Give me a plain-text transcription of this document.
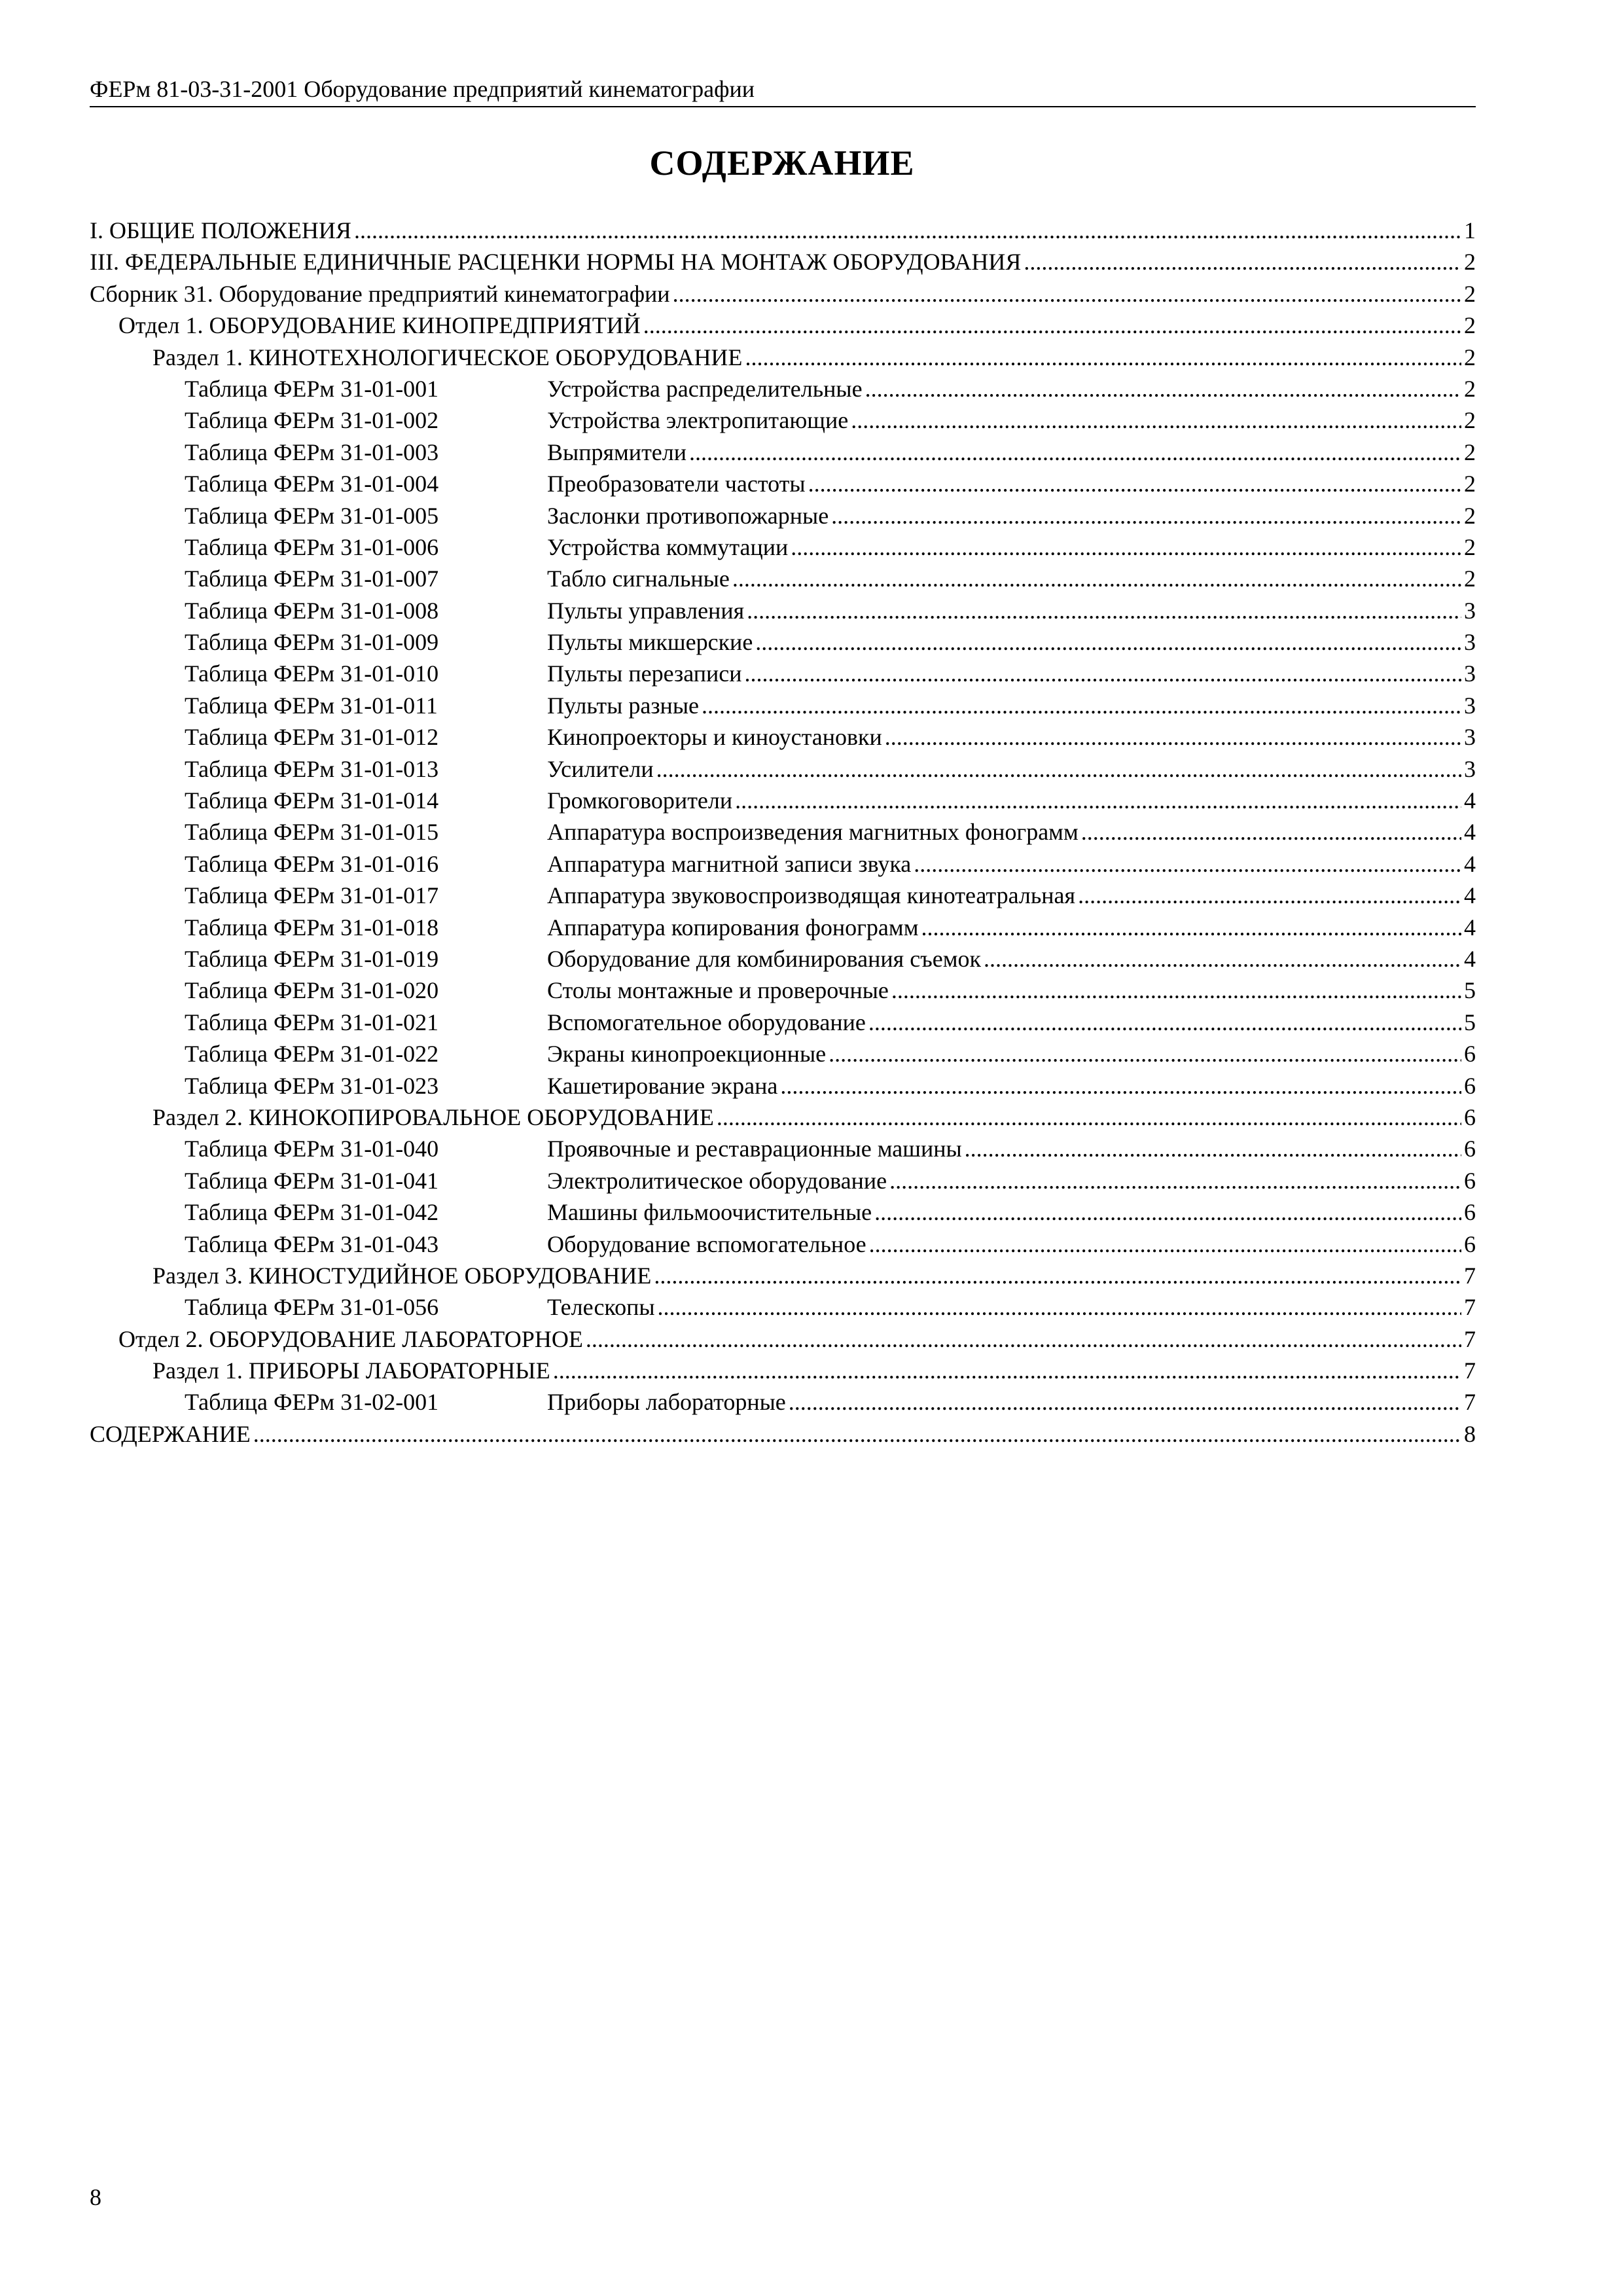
ФЕРм 81-03-31-2001 Оборудование предприятий кинематографии
СОДЕРЖАНИЕ
I. ОБЩИЕ ПОЛОЖЕНИЯ .....	1
III. ФЕДЕРАЛЬНЫЕ ЕДИНИЧНЫЕ РАСЦЕНКИ НОРМЫ НА МОНТАЖ ОБОРУДОВАНИЯ .....	2
Сборник 31. Оборудование предприятий кинематографии .....	2
Отдел 1. ОБОРУДОВАНИЕ КИНОПРЕДПРИЯТИЙ .....	2
Раздел 1. КИНОТЕХНОЛОГИЧЕСКОЕ ОБОРУДОВАНИЕ .....	2
Таблица ФЕРм 31-01-001	Устройства распределительные .....	2
Таблица ФЕРм 31-01-002	Устройства электропитающие .....	2
Таблица ФЕРм 31-01-003	Выпрямители .....	2
Таблица ФЕРм 31-01-004	Преобразователи частоты .....	2
Таблица ФЕРм 31-01-005	Заслонки противопожарные .....	2
Таблица ФЕРм 31-01-006	Устройства коммутации .....	2
Таблица ФЕРм 31-01-007	Табло сигнальные .....	2
Таблица ФЕРм 31-01-008	Пульты управления .....	3
Таблица ФЕРм 31-01-009	Пульты микшерские .....	3
Таблица ФЕРм 31-01-010	Пульты перезаписи .....	3
Таблица ФЕРм 31-01-011	Пульты разные .....	3
Таблица ФЕРм 31-01-012	Кинопроекторы и киноустановки .....	3
Таблица ФЕРм 31-01-013	Усилители .....	3
Таблица ФЕРм 31-01-014	Громкоговорители .....	4
Таблица ФЕРм 31-01-015	Аппаратура воспроизведения магнитных фонограмм .....	4
Таблица ФЕРм 31-01-016	Аппаратура магнитной записи звука .....	4
Таблица ФЕРм 31-01-017	Аппаратура звуковоспроизводящая кинотеатральная .....	4
Таблица ФЕРм 31-01-018	Аппаратура копирования фонограмм .....	4
Таблица ФЕРм 31-01-019	Оборудование для комбинирования съемок .....	4
Таблица ФЕРм 31-01-020	Столы монтажные и проверочные .....	5
Таблица ФЕРм 31-01-021	Вспомогательное оборудование .....	5
Таблица ФЕРм 31-01-022	Экраны кинопроекционные .....	6
Таблица ФЕРм 31-01-023	Кашетирование экрана .....	6
Раздел 2. КИНОКОПИРОВАЛЬНОЕ ОБОРУДОВАНИЕ .....	6
Таблица ФЕРм 31-01-040	Проявочные и реставрационные машины .....	6
Таблица ФЕРм 31-01-041	Электролитическое оборудование .....	6
Таблица ФЕРм 31-01-042	Машины фильмоочистительные .....	6
Таблица ФЕРм 31-01-043	Оборудование вспомогательное .....	6
Раздел 3. КИНОСТУДИЙНОЕ ОБОРУДОВАНИЕ .....	7
Таблица ФЕРм 31-01-056	Телескопы .....	7
Отдел 2. ОБОРУДОВАНИЕ ЛАБОРАТОРНОЕ .....	7
Раздел 1. ПРИБОРЫ ЛАБОРАТОРНЫЕ .....	7
Таблица ФЕРм 31-02-001	Приборы лабораторные .....	7
СОДЕРЖАНИЕ .....	8
8
